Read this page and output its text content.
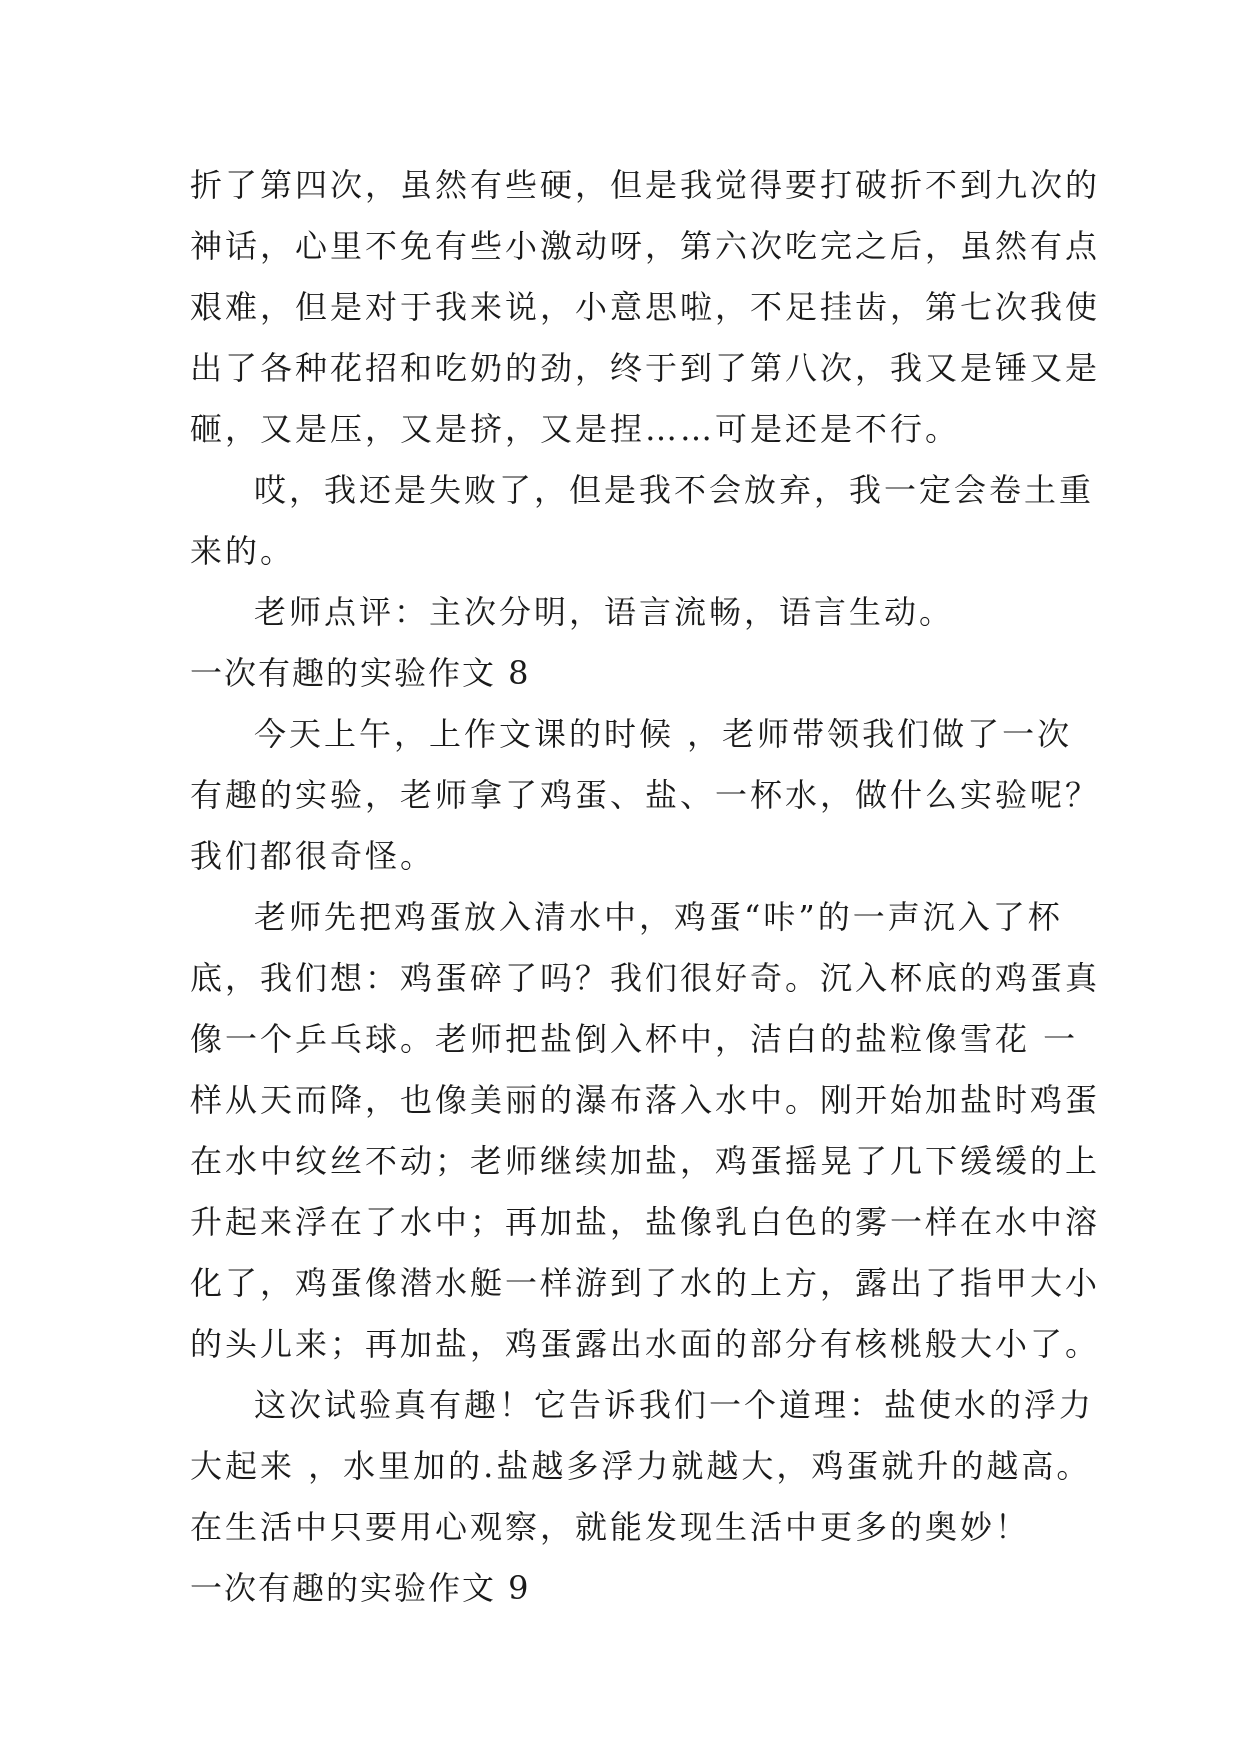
折了第四次，虽然有些硬，但是我觉得要打破折不到九次的
神话，心里不免有些小激动呀，第六次吃完之后，虽然有点
艰难，但是对于我来说，小意思啦，不足挂齿，第七次我使
出了各种花招和吃奶的劲，终于到了第八次，我又是锤又是
砸，又是压，又是挤，又是捏……可是还是不行。
哎，我还是失败了，但是我不会放弃，我一定会卷土重
来的。
老师点评：主次分明，语言流畅，语言生动。
一次有趣的实验作文 8
今天上午，上作文课的时候 ，老师带领我们做了一次
有趣的实验，老师拿了鸡蛋、盐、一杯水，做什么实验呢？
我们都很奇怪。
老师先把鸡蛋放入清水中，鸡蛋“咔”的一声沉入了杯
底，我们想：鸡蛋碎了吗？我们很好奇。沉入杯底的鸡蛋真
像一个乒乓球。老师把盐倒入杯中，洁白的盐粒像雪花 一
样从天而降，也像美丽的瀑布落入水中。刚开始加盐时鸡蛋
在水中纹丝不动；老师继续加盐，鸡蛋摇晃了几下缓缓的上
升起来浮在了水中；再加盐，盐像乳白色的雾一样在水中溶
化了，鸡蛋像潜水艇一样游到了水的上方，露出了指甲大小
的头儿来；再加盐，鸡蛋露出水面的部分有核桃般大小了。
这次试验真有趣！它告诉我们一个道理：盐使水的浮力
大起来 ，水里加的.盐越多浮力就越大，鸡蛋就升的越高。
在生活中只要用心观察，就能发现生活中更多的奥妙！
一次有趣的实验作文 9
